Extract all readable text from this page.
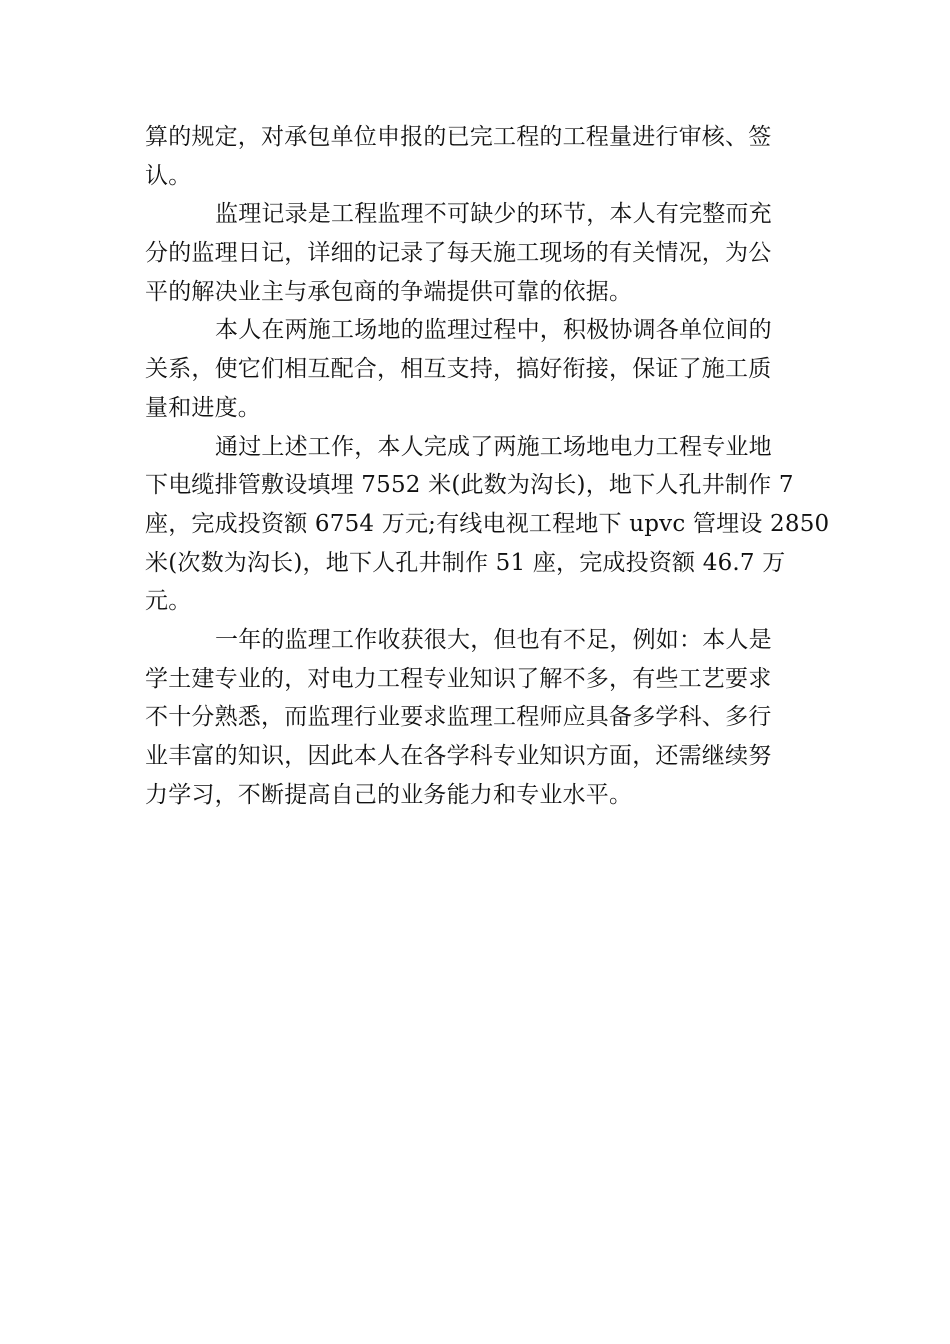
算的规定，对承包单位申报的已完工程的工程量进行审核、签
认。
监理记录是工程监理不可缺少的环节，本人有完整而充
分的监理日记，详细的记录了每天施工现场的有关情况，为公
平的解决业主与承包商的争端提供可靠的依据。
本人在两施工场地的监理过程中，积极协调各单位间的
关系，使它们相互配合，相互支持，搞好衔接，保证了施工质
量和进度。
通过上述工作，本人完成了两施工场地电力工程专业地
下电缆排管敷设填埋 7552 米(此数为沟长)，地下人孔井制作 7
座，完成投资额 6754 万元;有线电视工程地下 upvc 管埋设 2850
米(次数为沟长)，地下人孔井制作 51 座，完成投资额 46.7 万
元。
一年的监理工作收获很大，但也有不足，例如：本人是
学土建专业的，对电力工程专业知识了解不多，有些工艺要求
不十分熟悉，而监理行业要求监理工程师应具备多学科、多行
业丰富的知识，因此本人在各学科专业知识方面，还需继续努
力学习，不断提高自己的业务能力和专业水平。
